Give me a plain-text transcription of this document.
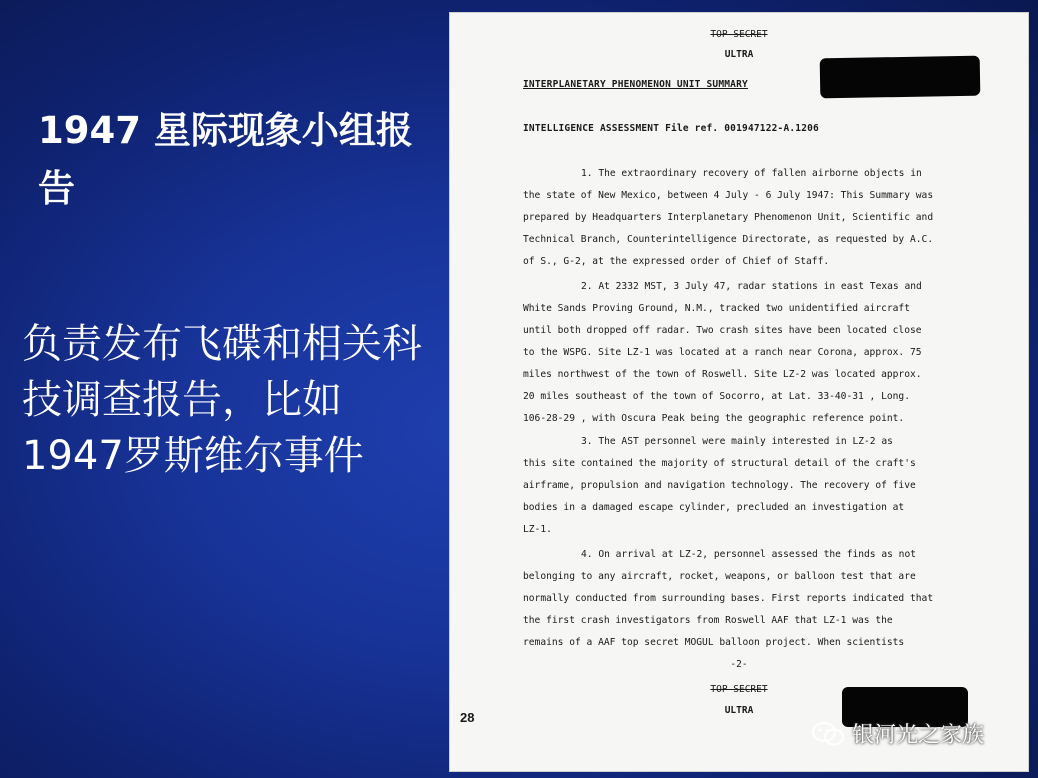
1947 星际现象小组报告
负责发布飞碟和相关科技调查报告，比如1947罗斯维尔事件
TOP SECRET
ULTRA
INTERPLANETARY PHENOMENON UNIT SUMMARY
INTELLIGENCE ASSESSMENT File ref. 001947122-A.1206
1. The extraordinary recovery of fallen airborne objects in
the state of New Mexico, between 4 July - 6 July 1947: This Summary was
prepared by Headquarters Interplanetary Phenomenon Unit, Scientific and
Technical Branch, Counterintelligence Directorate, as requested by A.C.
of S., G-2, at the expressed order of Chief of Staff.
2. At 2332 MST, 3 July 47, radar stations in east Texas and
White Sands Proving Ground, N.M., tracked two unidentified aircraft
until both dropped off radar. Two crash sites have been located close
to the WSPG. Site LZ-1 was located at a ranch near Corona, approx. 75
miles northwest of the town of Roswell. Site LZ-2 was located approx.
20 miles southeast of the town of Socorro, at Lat. 33-40-31 , Long.
106-28-29 , with Oscura Peak being the geographic reference point.
3. The AST personnel were mainly interested in LZ-2 as
this site contained the majority of structural detail of the craft's
airframe, propulsion and navigation technology. The recovery of five
bodies in a damaged escape cylinder, precluded an investigation at
LZ-1.
4. On arrival at LZ-2, personnel assessed the finds as not
belonging to any aircraft, rocket, weapons, or balloon test that are
normally conducted from surrounding bases. First reports indicated that
the first crash investigators from Roswell AAF that LZ-1 was the
remains of a AAF top secret MOGUL balloon project. When scientists
-2-
TOP SECRET
ULTRA
28
银河光之家族
